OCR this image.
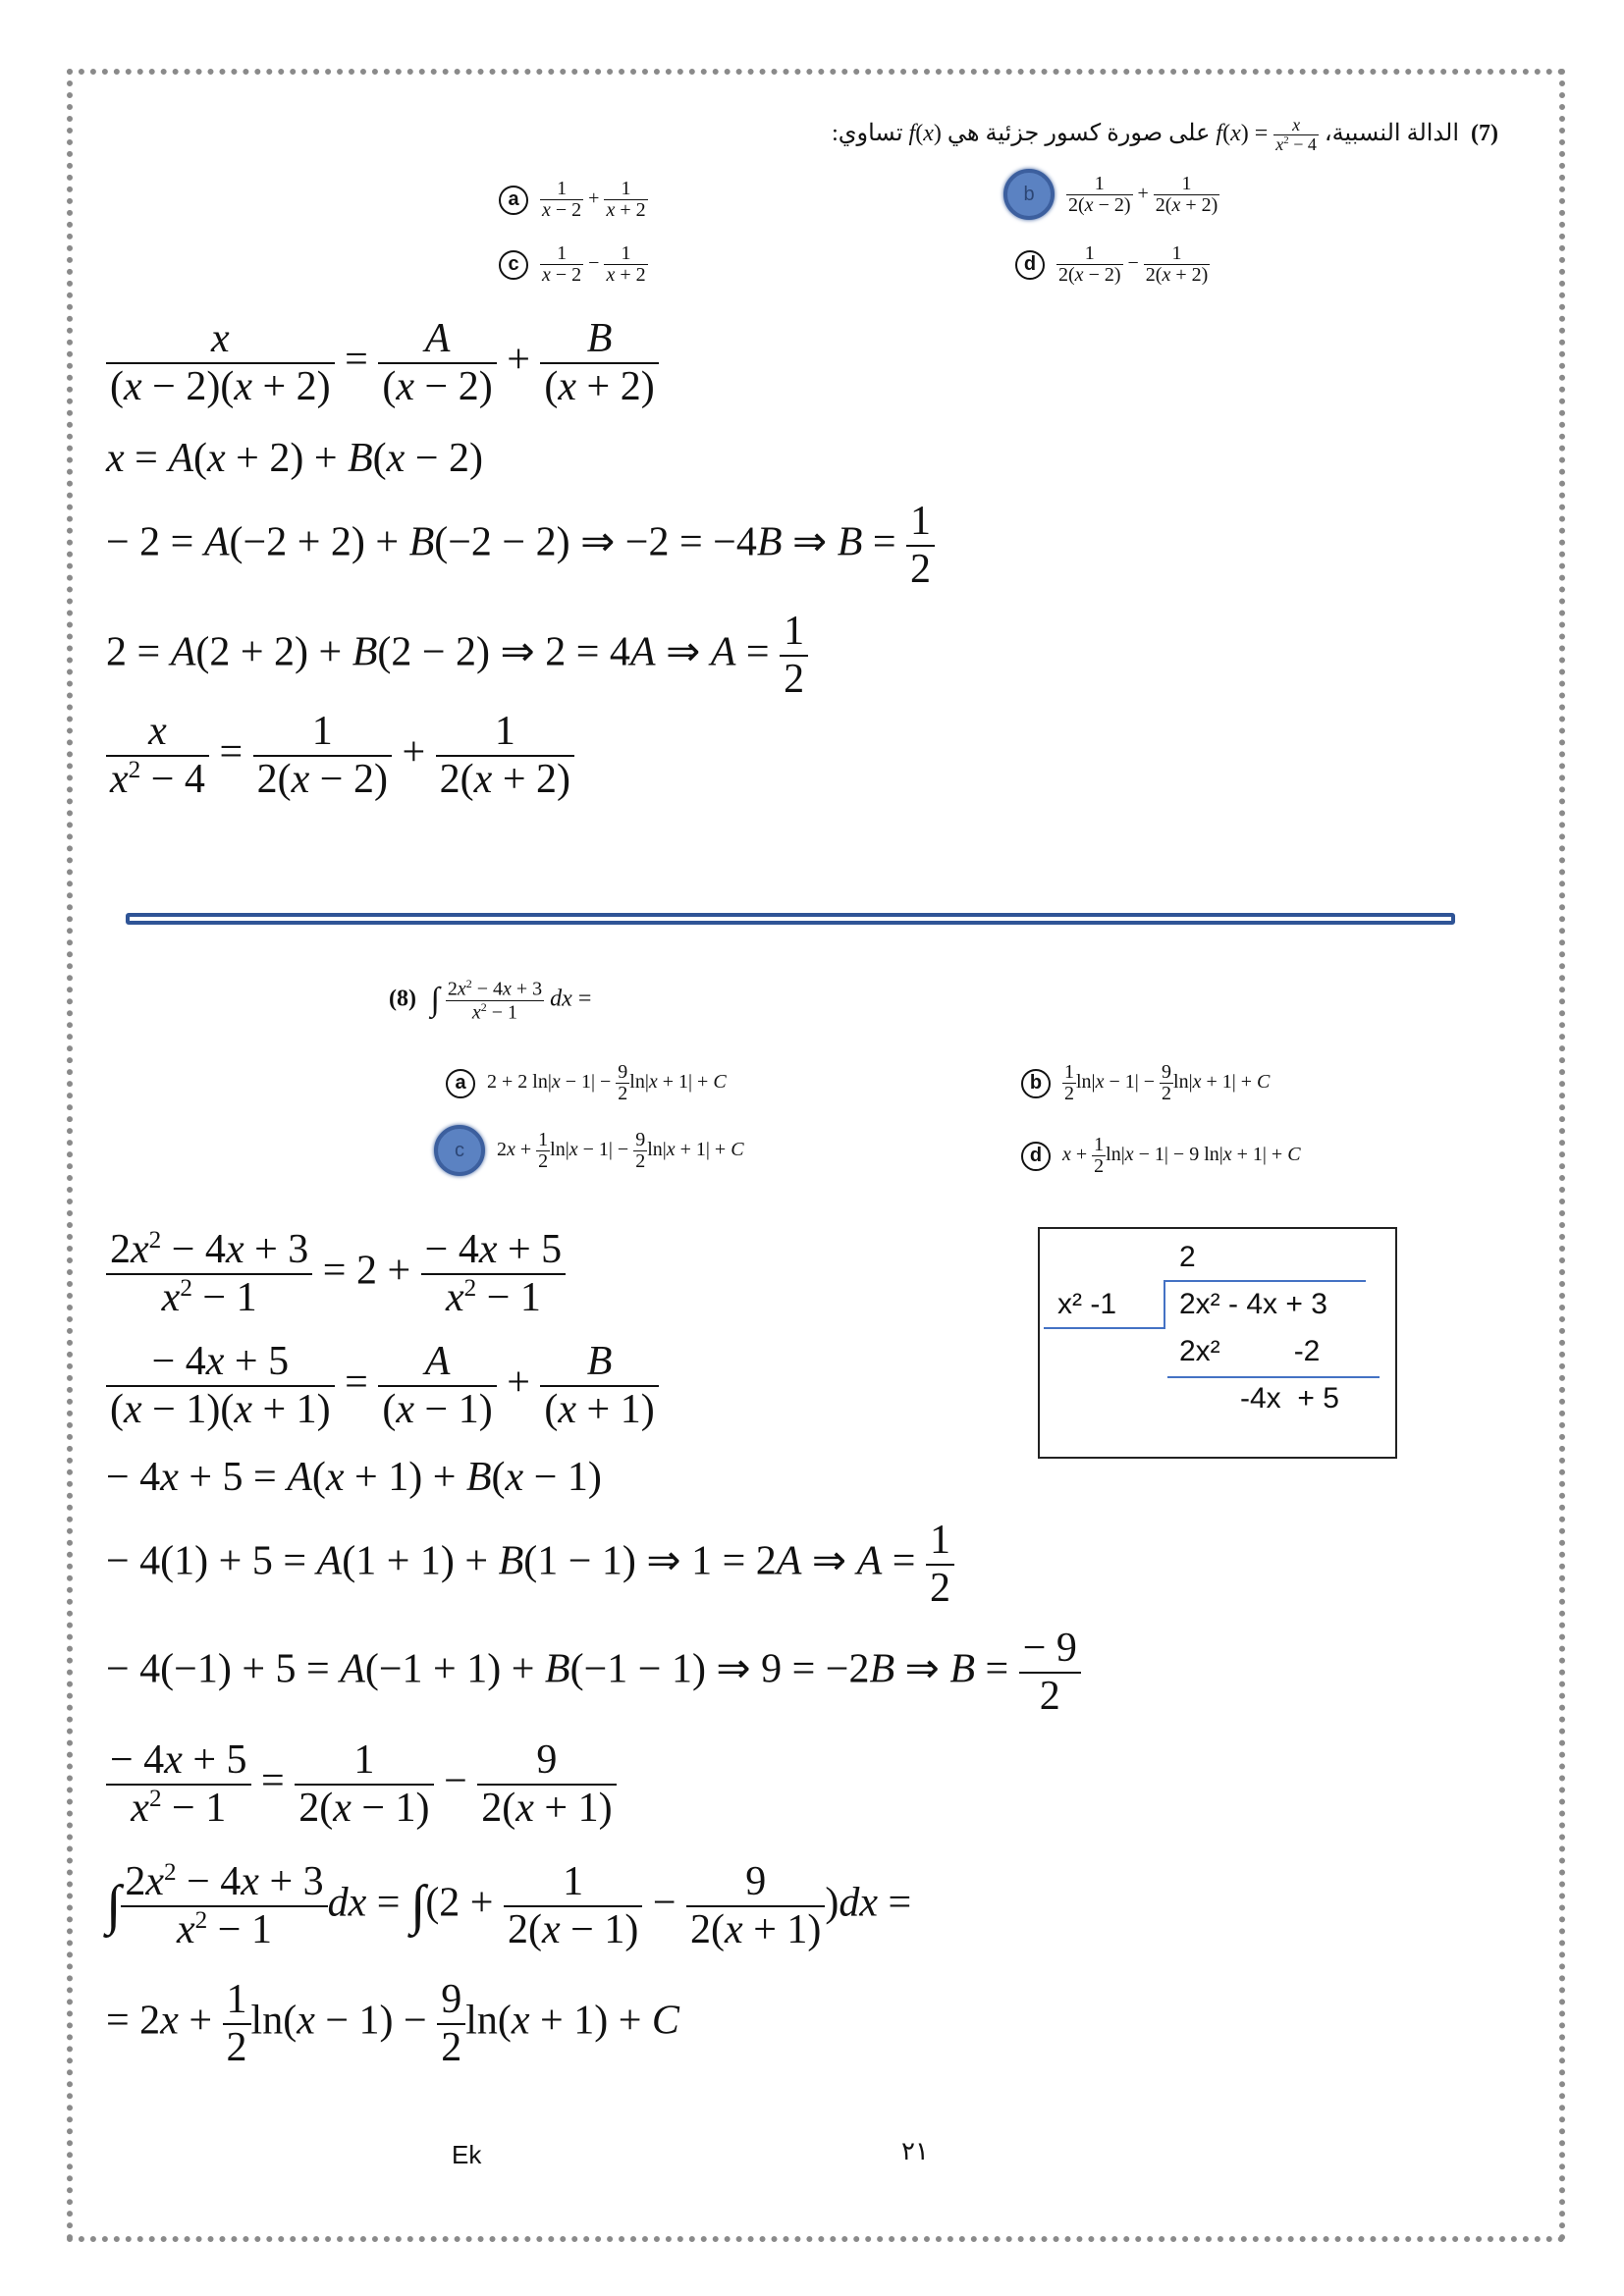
(7)  الدالة النسبية، $f(x) = \frac{x}{x^2 - 4}$
على صورة كسور جزئية هي f(x) تساوي:
a	$\frac{1}{x - 2} + \frac{1}{x + 2}$	b	$\frac{1}{2(x - 2)} + \frac{1}{2(x + 2)}$
c	$\frac{1}{x - 2} - \frac{1}{x + 2}$	d	$\frac{1}{2(x - 2)} - \frac{1}{2(x + 2)}$
$\frac{x}{(x - 2)(x + 2)} = \frac{A}{(x - 2)} + \frac{B}{(x + 2)}$
x = A(x + 2) + B(x − 2)
− 2 = A(−2 + 2) + B(−2 − 2) ⇒ −2 = −4B ⇒ $B = \frac{1}{2}$
2 = A(2 + 2) + B(2 − 2) ⇒ 2 = 4A ⇒ $A = \frac{1}{2}$
$\frac{x}{x^2 - 4} = \frac{1}{2(x - 2)} + \frac{1}{2(x + 2)}$
(8)  ∫ $\frac{2x^2 - 4x + 3}{x^2 - 1}$ dx =
a	2 + 2 $\ln|x - 1| - \frac{9}{2} \ln|x + 1| + C$	b	$\frac{1}{2} \ln|x - 1| - \frac{9}{2} \ln|x + 1| + C$
c	$2x + \frac{1}{2} \ln|x - 1| - \frac{9}{2} \ln|x + 1| + C$	d	$x + \frac{1}{2} \ln|x - 1| - 9$ ln|x + 1| + C
$\frac{2x^2 - 4x + 3}{x^2 - 1} = 2 + \frac{- 4x + 5}{x^2 - 1}$
$\frac{- 4x + 5}{(x - 1)(x + 1)} = \frac{A}{(x - 1)} + \frac{B}{(x + 1)}$
− 4x + 5 = A(x + 1) + B(x − 1)
− 4(1) + 5 = A(1 + 1) + B(1 − 1) ⇒ 1 = 2A ⇒ $A = \frac{1}{2}$
− 4(−1) + 5 = A(−1 + 1) + B(−1 − 1) ⇒ 9 = −2B ⇒ $B = \frac{- 9}{2}$
$\frac{- 4x + 5}{x^2 - 1} = \frac{1}{2(x - 1)} - \frac{9}{2(x + 1)}$
∫ $\frac{2x^2 - 4x + 3}{x^2 - 1}$ dx = $\int(2 + \frac{1}{2(x - 1)} - \frac{9}{2(x + 1)} )dx$ =
= $2x + \frac{1}{2} \ln(x - 1) - \frac{9}{2} \ln(x + 1) + C$
2
x² -1 2x² - 4x + 3
2x²         -2
-4x  + 5
Ek	٢١
